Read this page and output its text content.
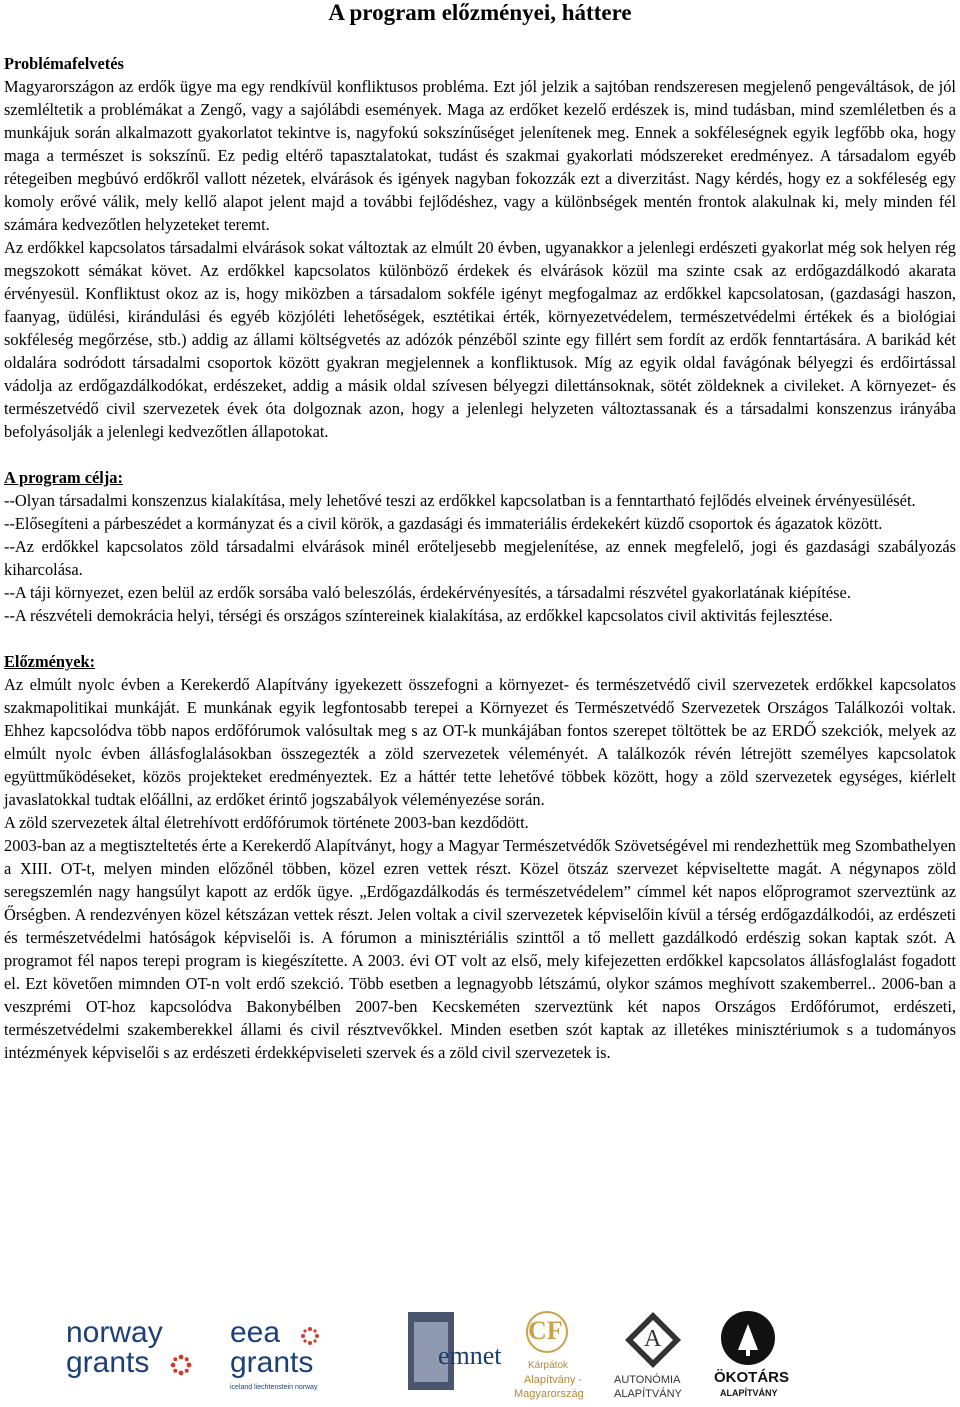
A program előzményei, háttere
Problémafelvetés

Magyarországon az erdők ügye ma egy rendkívül konfliktusos probléma. Ezt jól jelzik a sajtóban rendszeresen megjelenő pengeváltások, de jól szemléltetik a problémákat a Zengő, vagy a sajólábdi események. Maga az erdőket kezelő erdészek is, mind tudásban, mind szemléletben és a munkájuk során alkalmazott gyakorlatot tekintve is, nagyfokú sokszínűséget jelenítenek meg. Ennek a sokféleségnek egyik legfőbb oka, hogy maga a természet is sokszínű. Ez pedig eltérő tapasztalatokat, tudást és szakmai gyakorlati módszereket eredményez. A társadalom egyéb rétegeiben megbúvó erdőkről vallott nézetek, elvárások és igények nagyban fokozzák ezt a diverzitást. Nagy kérdés, hogy ez a sokféleség egy komoly erővé válik, mely kellő alapot jelent majd a további fejlődéshez, vagy a különbségek mentén frontok alakulnak ki, mely minden fél számára kedvezőtlen helyzeteket teremt.

Az erdőkkel kapcsolatos társadalmi elvárások sokat változtak az elmúlt 20 évben, ugyanakkor a jelenlegi erdészeti gyakorlat még sok helyen rég megszokott sémákat követ. Az erdőkkel kapcsolatos különböző érdekek és elvárások közül ma szinte csak az erdőgazdálkodó akarata érvényesül. Konfliktust okoz az is, hogy miközben a társadalom sokféle igényt megfogalmaz az erdőkkel kapcsolatosan, (gazdasági haszon, faanyag, üdülési, kirándulási és egyéb közjóléti lehetőségek, esztétikai érték, környezetvédelem, természetvédelmi értékek és a biológiai sokféleség megőrzése, stb.) addig az állami költségvetés az adózók pénzéből szinte egy fillért sem fordít az erdők fenntartására. A barikád két oldalára sodródott társadalmi csoportok között gyakran megjelennek a konfliktusok. Míg az egyik oldal favágónak bélyegzi és erdőirtással vádolja az erdőgazdálkodókat, erdészeket, addig a másik oldal szívesen bélyegzi dilettánsoknak, sötét zöldeknek a civileket. A környezet- és természetvédő civil szervezetek évek óta dolgoznak azon, hogy a jelenlegi helyzeten változtassanak és a társadalmi konszenzus irányába befolyásolják a jelenlegi kedvezőtlen állapotokat.

A program célja:

--Olyan társadalmi konszenzus kialakítása, mely lehetővé teszi az erdőkkel kapcsolatban is a fenntartható fejlődés elveinek érvényesülését.

--Elősegíteni a párbeszédet a kormányzat és a civil körök, a gazdasági és immateriális érdekekért küzdő csoportok és ágazatok között.

--Az erdőkkel kapcsolatos zöld társadalmi elvárások minél erőteljesebb megjelenítése, az ennek megfelelő, jogi és gazdasági szabályozás kiharcolása.

--A táji környezet, ezen belül az erdők sorsába való beleszólás, érdekérvényesítés, a társadalmi részvétel gyakorlatának kiépítése.

--A részvételi demokrácia helyi, térségi és országos színtereinek kialakítása, az erdőkkel kapcsolatos civil aktivitás fejlesztése.

Előzmények:

Az elmúlt nyolc évben a Kerekerdő Alapítvány igyekezett összefogni a környezet- és természetvédő civil szervezetek erdőkkel kapcsolatos szakmapolitikai munkáját. E munkának egyik legfontosabb terepei a Környezet és Természetvédő Szervezetek Országos Találkozói voltak. Ehhez kapcsolódva több napos erdőfórumok valósultak meg s az OT-k munkájában fontos szerepet töltöttek be az ERDŐ szekciók, melyek az elmúlt nyolc évben állásfoglalásokban összegezték a zöld szervezetek véleményét. A találkozók révén létrejött személyes kapcsolatok együttműködéseket, közös projekteket eredményeztek. Ez a háttér tette lehetővé többek között, hogy a zöld szervezetek egységes, kiérlelt javaslatokkal tudtak előállni, az erdőket érintő jogszabályok véleményezése során.

A zöld szervezetek által életrehívott erdőfórumok története 2003-ban kezdődött.

2003-ban az a megtiszteltetés érte a Kerekerdő Alapítványt, hogy a Magyar Természetvédők Szövetségével mi rendezhettük meg Szombathelyen a XIII. OT-t, melyen minden előzőnél többen, közel ezren vettek részt. Közel ötszáz szervezet képviseltette magát. A négynapos zöld seregszemlén nagy hangsúlyt kapott az erdők ügye. „Erdőgazdálkodás és természetvédelem” címmel két napos előprogramot szerveztünk az Őrségben. A rendezvényen közel kétszázan vettek részt. Jelen voltak a civil szervezetek képviselőin kívül a térség erdőgazdálkodói, az erdészeti és természetvédelmi hatóságok képviselői is. A fórumon a minisztériális szinttől a tő mellett gazdálkodó erdészig sokan kaptak szót. A programot fél napos terepi program is kiegészítette. A 2003. évi OT volt az első, mely kifejezetten erdőkkel kapcsolatos állásfoglalást fogadott el. Ezt követően mimnden OT-n volt erdő szekció. Több esetben a legnagyobb létszámú, olykor számos meghívott szakemberrel.. 2006-ban a veszprémi OT-hoz kapcsolódva Bakonybélben 2007-ben Kecskeméten szerveztünk két napos Országos Erdőfórumot, erdészeti, természetvédelmi szakemberekkel állami és civil résztvevőkkel. Minden esetben szót kaptak az illetékes minisztériumok s a tudományos intézmények képviselői s az erdészeti érdekképviseleti szervek és a zöld civil szervezetek is.

norway
grants
eea
grants
iceland liechtenstein norway
emnet
CF
Kárpátok
Alapítvány -
Magyarország
A
AUTONÓMIA
ALAPÍTVÁNY
ÖKOTÁRS
ALAPÍTVÁNY
